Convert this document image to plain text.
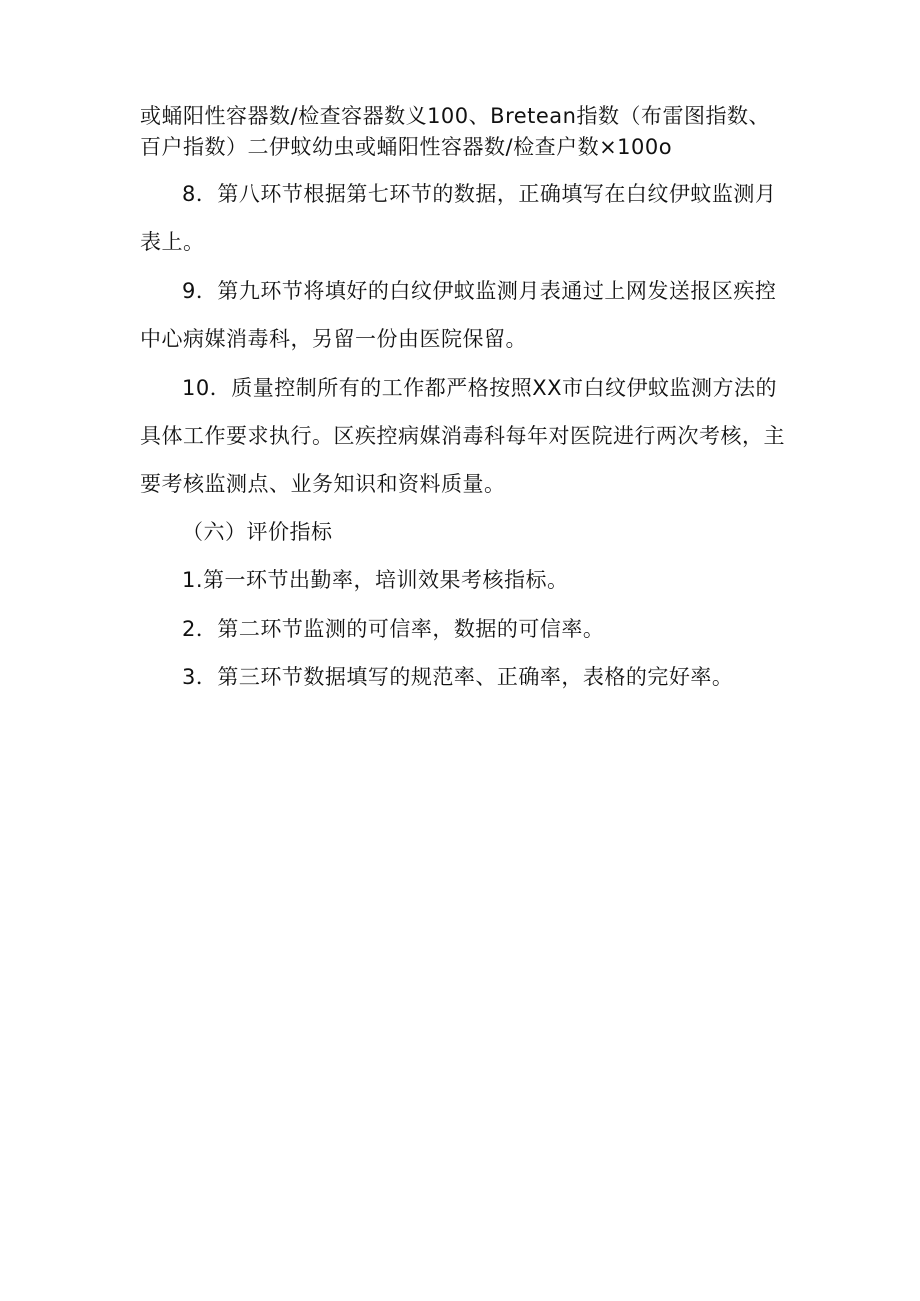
或蛹阳性容器数/检查容器数义100、Bretean指数（布雷图指数、
百户指数）二伊蚊幼虫或蛹阳性容器数/检查户数×100o
8．第八环节根据第七环节的数据，正确填写在白纹伊蚊监测月
表上。
9．第九环节将填好的白纹伊蚊监测月表通过上网发送报区疾控
中心病媒消毒科，另留一份由医院保留。
10．质量控制所有的工作都严格按照XX市白纹伊蚊监测方法的
具体工作要求执行。区疾控病媒消毒科每年对医院进行两次考核，主
要考核监测点、业务知识和资料质量。
（六）评价指标
1.第一环节出勤率，培训效果考核指标。
2．第二环节监测的可信率，数据的可信率。
3．第三环节数据填写的规范率、正确率，表格的完好率。
